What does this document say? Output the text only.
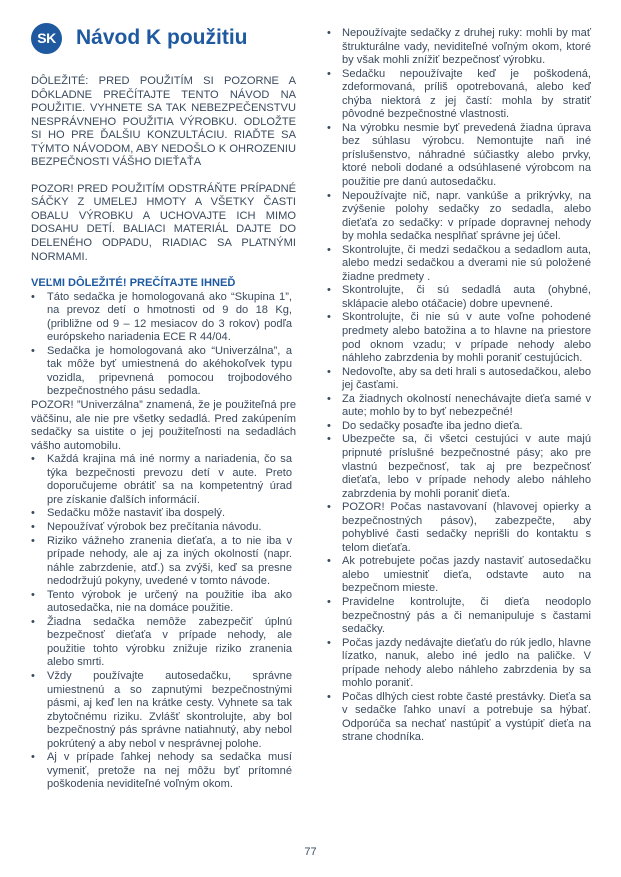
SK Návod K použitiu

DÔLEŽITÉ: PRED POUŽITÍM SI POZORNE A DÔKLADNE PREČÍTAJTE TENTO NÁVOD NA POUŽITIE. VYHNETE SA TAK NEBEZPEČENSTVU NESPRÁVNEHO POUŽITIA VÝROBKU. ODLOŽTE SI HO PRE ĎALŠIU KONZULTÁCIU. RIAĎTE SA TÝMTO NÁVODOM, ABY NEDOŠLO K OHROZENIU BEZPEČNOSTI VÁŠHO DIEŤAŤA

POZOR! PRED POUŽITÍM ODSTRÁŇTE PRÍPADNÉ SÁČKY Z UMELEJ HMOTY A VŠETKY ČASTI OBALU VÝROBKU A UCHOVAJTE ICH MIMO DOSAHU DETÍ. BALIACI MATERIÁL DAJTE DO DELENÉHO ODPADU, RIADIAC SA PLATNÝMI NORMAMI.

VEĽMI DÔLEŽITÉ! PREČÍTAJTE IHNEĎ

• Táto sedačka je homologovaná ako “Skupina 1”, na prevoz detí o hmotnosti od 9 do 18 Kg, (približne od 9 – 12 mesiacov do 3 rokov) podľa európskeho nariadenia ECE R 44/04.
• Sedačka je homologovaná ako “Univerzálna”, a tak môže byť umiestnená do akéhokoľvek typu vozidla, pripevnená pomocou trojbodového bezpečnostného pásu sedadla.

POZOR! ”Univerzálna” znamená, že je použiteľná pre väčšinu, ale nie pre všetky sedadlá. Pred zakúpením sedačky sa uistite o jej použiteľnosti na sedadlách vášho automobilu.

• Každá krajina má iné normy a nariadenia, čo sa týka bezpečnosti prevozu detí v aute. Preto doporučujeme obrátiť sa na kompetentný úrad pre získanie ďalších informácií.
• Sedačku môže nastaviť iba dospelý.
• Nepoužívať výrobok bez prečítania návodu.
• Riziko vážneho zranenia dieťaťa, a to nie iba v prípade nehody, ale aj za iných okolností (napr. náhle zabrzdenie, atď.) sa zvýši, keď sa presne nedodržujú pokyny, uvedené v tomto návode.
• Tento výrobok je určený na použitie iba ako autosedačka, nie na domáce použitie.
• Žiadna sedačka nemôže zabezpečiť úplnú bezpečnosť dieťaťa v prípade nehody, ale použitie tohto výrobku znižuje riziko zranenia alebo smrti.
• Vždy používajte autosedačku, správne umiestnenú a so zapnutými bezpečnostnými pásmi, aj keď len na krátke cesty. Vyhnete sa tak zbytočnému riziku. Zvlášť skontrolujte, aby bol bezpečnostný pás správne natiahnutý, aby nebol pokrútený a aby nebol v nesprávnej polohe.
• Aj v prípade ľahkej nehody sa sedačka musí vymeniť, pretože na nej môžu byť prítomné poškodenia neviditeľné voľným okom.
• Nepoužívajte sedačky z druhej ruky: mohli by mať štrukturálne vady, neviditeľné voľným okom, ktoré by však mohli znížiť bezpečnosť výrobku.
• Sedačku nepoužívajte keď je poškodená, zdeformovaná, príliš opotrebovaná, alebo keď chýba niektorá z jej častí: mohla by stratiť pôvodné bezpečnostné vlastnosti.
• Na výrobku nesmie byť prevedená žiadna úprava bez súhlasu výrobcu. Nemontujte naň iné príslušenstvo, náhradné súčiastky alebo prvky, ktoré neboli dodané a odsúhlasené výrobcom na použitie pre danú autosedačku.
• Nepoužívajte nič, napr. vankúše a prikrývky, na zvýšenie polohy sedačky zo sedadla, alebo dieťaťa zo sedačky: v prípade dopravnej nehody by mohla sedačka nesplňať správne jej účel.
• Skontrolujte, či medzi sedačkou a sedadlom auta, alebo medzi sedačkou a dverami nie sú položené žiadne predmety .
• Skontrolujte, či sú sedadlá auta (ohybné, sklápacie alebo otáčacie) dobre upevnené.
• Skontrolujte, či nie sú v aute voľne pohodené predmety alebo batožina a to hlavne na priestore pod oknom vzadu; v prípade nehody alebo náhleho zabrzdenia by mohli poraniť cestujúcich.
• Nedovoľte, aby sa deti hrali s autosedačkou, alebo jej časťami.
• Za žiadnych okolností nenechávajte dieťa samé v aute; mohlo by to byť nebezpečné!
• Do sedačky posaďte iba jedno dieťa.
• Ubezpečte sa, či všetci cestujúci v aute majú pripnuté príslušné bezpečnostné pásy; ako pre vlastnú bezpečnosť, tak aj pre bezpečnosť dieťaťa, lebo v prípade nehody alebo náhleho zabrzdenia by mohli poraniť dieťa.
• POZOR! Počas nastavovaní (hlavovej opierky a bezpečnostných pásov), zabezpečte, aby pohyblivé časti sedačky neprišli do kontaktu s telom dieťaťa.
• Ak potrebujete počas jazdy nastaviť autosedačku alebo umiestniť dieťa, odstavte auto na bezpečnom mieste.
• Pravidelne kontrolujte, či dieťa neodoplo bezpečnostný pás a či nemanipuluje s častami sedačky.
• Počas jazdy nedávajte dieťaťu do rúk jedlo, hlavne lízatko, nanuk, alebo iné jedlo na paličke. V prípade nehody alebo náhleho zabrzdenia by sa mohlo poraniť.
• Počas dlhých ciest robte časté prestávky. Dieťa sa v sedačke ľahko unaví a potrebuje sa hýbať. Odporúča sa nechať nastúpiť a vystúpiť dieťa na strane chodníka.
77
